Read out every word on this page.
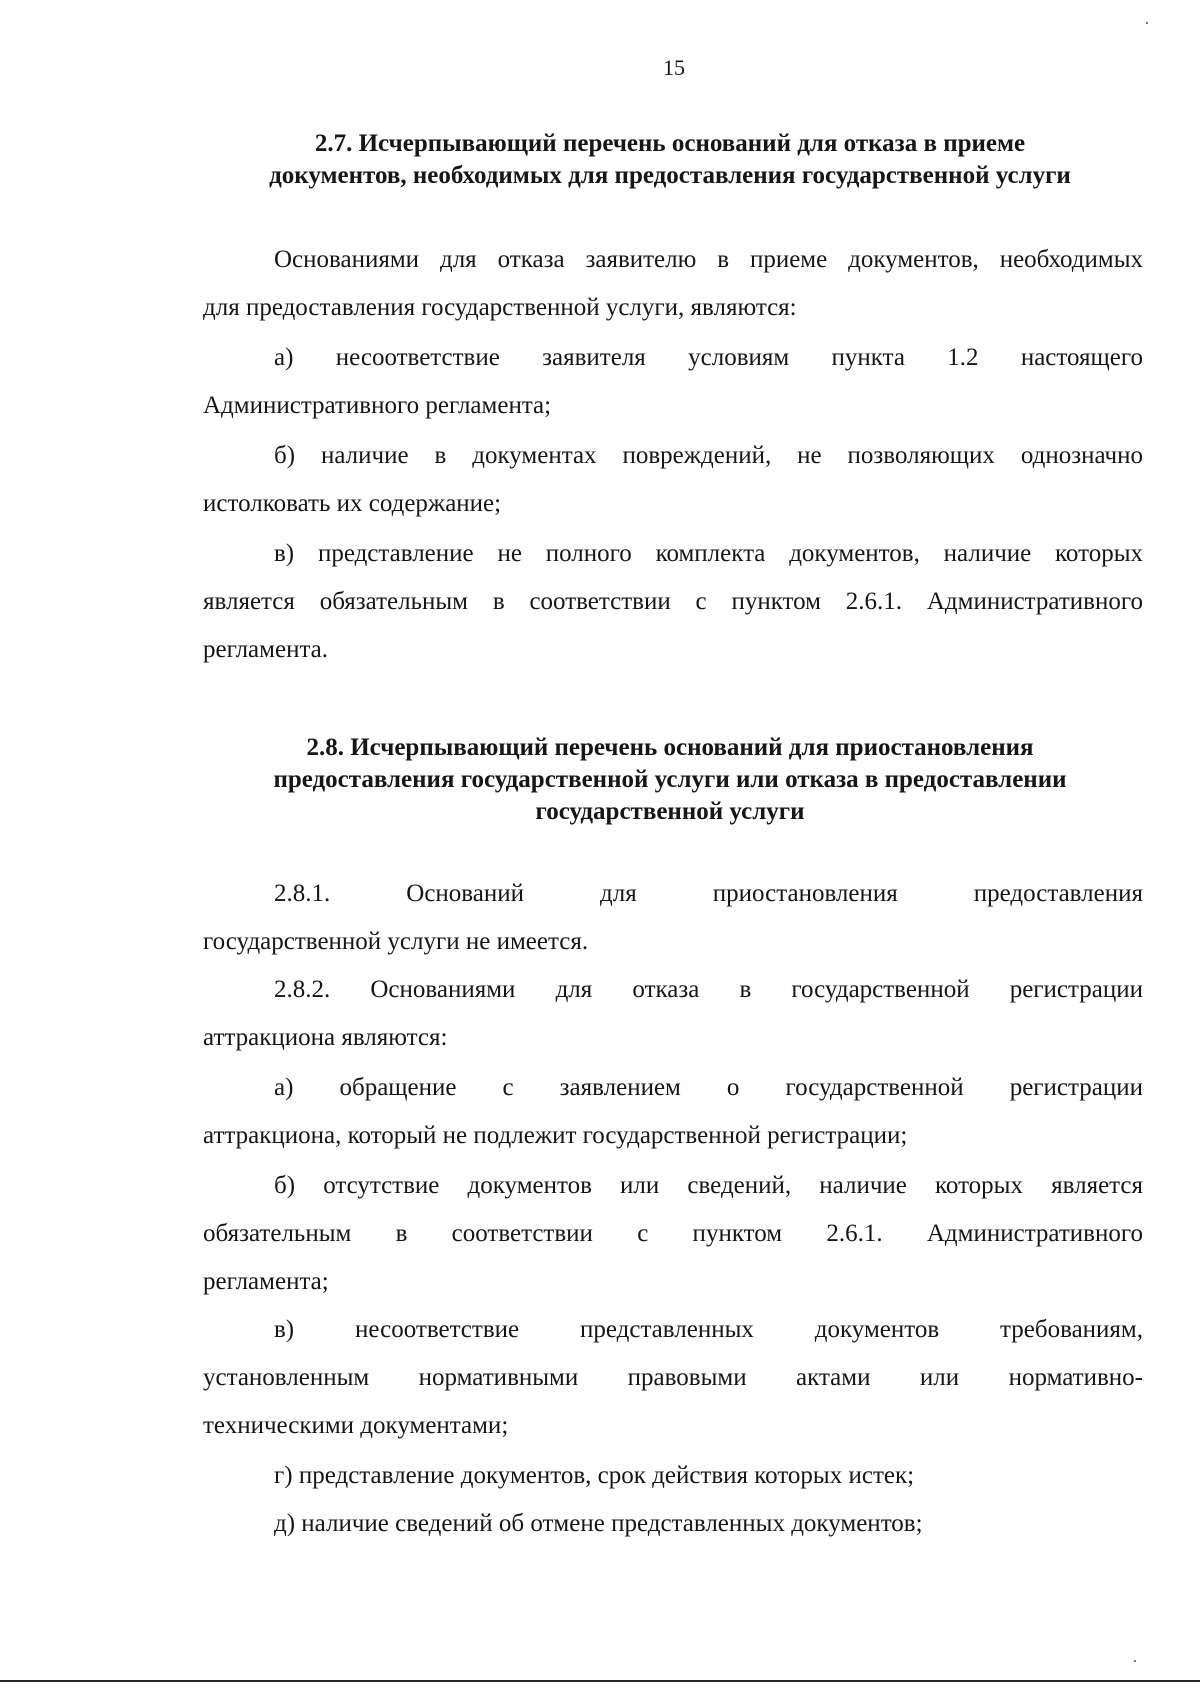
15
2.7. Исчерпывающий перечень оснований для отказа в приеме
документов, необходимых для предоставления государственной услуги

Основаниями для отказа заявителю в приеме документов, необходимых
для предоставления государственной услуги, являются:

а) несоответствие заявителя условиям пункта 1.2 настоящего
Административного регламента;

б) наличие в документах повреждений, не позволяющих однозначно
истолковать их содержание;

в) представление не полного комплекта документов, наличие которых
является обязательным в соответствии с пунктом 2.6.1. Административного
регламента.

2.8. Исчерпывающий перечень оснований для приостановления
предоставления государственной услуги или отказа в предоставлении
государственной услуги

2.8.1. Оснований для приостановления предоставления
государственной услуги не имеется.

2.8.2. Основаниями для отказа в государственной регистрации
аттракциона являются:

а) обращение с заявлением о государственной регистрации
аттракциона, который не подлежит государственной регистрации;

б) отсутствие документов или сведений, наличие которых является
обязательным в соответствии с пунктом 2.6.1. Административного
регламента;

в) несоответствие представленных документов требованиям,
установленным нормативными правовыми актами или нормативно-
техническими документами;

г) представление документов, срок действия которых истек;

д) наличие сведений об отмене представленных документов;
